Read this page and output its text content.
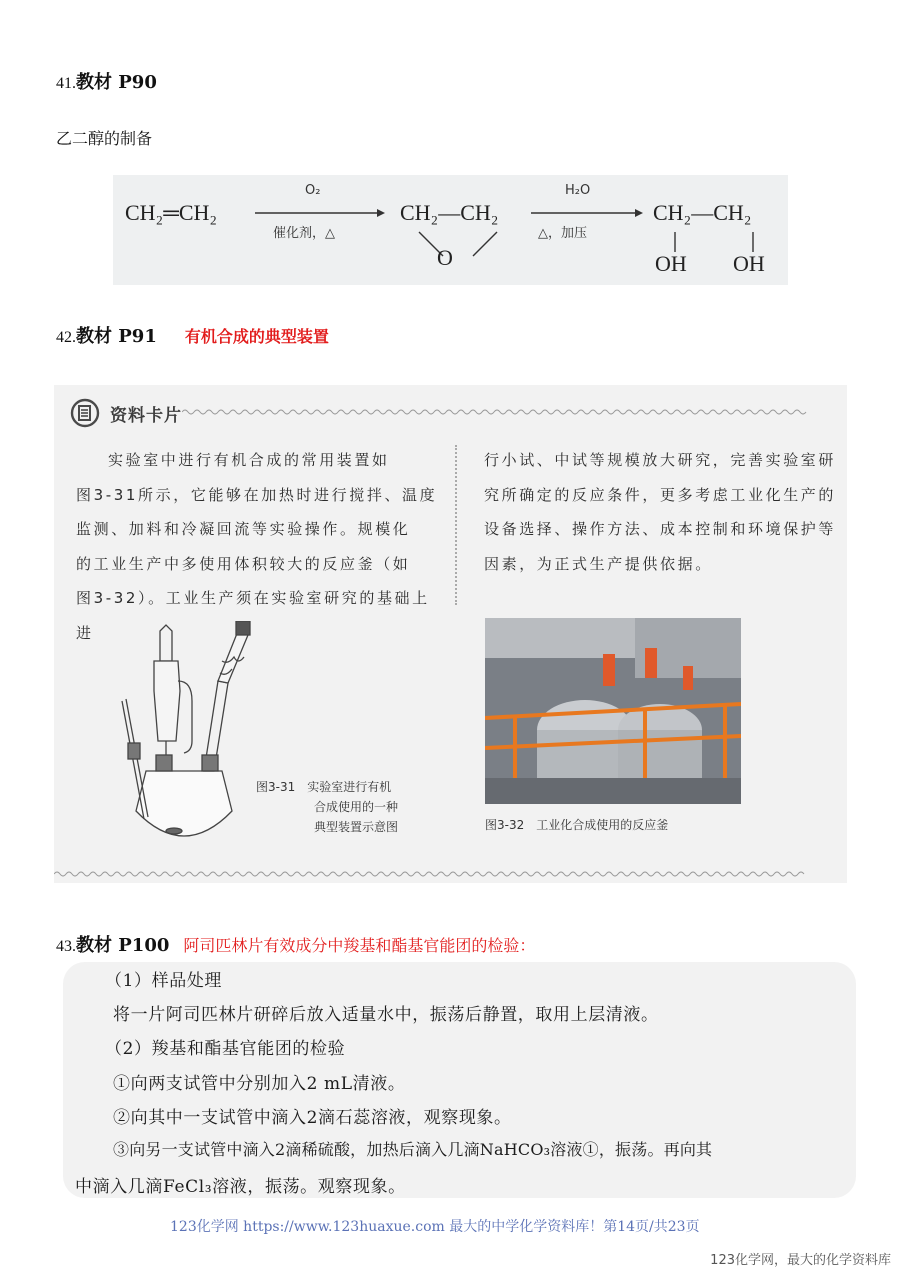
41.教材 P90
乙二醇的制备
CH₂═CH₂
O₂
催化剂，△
CH₂—CH₂
O
H₂O
△，加压
CH₂—CH₂
OH OH
42.教材 P91 有机合成的典型装置
资料卡片
实验室中进行有机合成的常用装置如
图3-31所示，它能够在加热时进行搅拌、温度
监测、加料和冷凝回流等实验操作。规模化
的工业生产中多使用体积较大的反应釜（如
图3-32）。工业生产须在实验室研究的基础上进
行小试、中试等规模放大研究，完善实验室研
究所确定的反应条件，更多考虑工业化生产的
设备选择、操作方法、成本控制和环境保护等
因素，为正式生产提供依据。
图3-31　实验室进行有机
合成使用的一种
典型装置示意图	图3-32　工业化合成使用的反应釜
43.教材 P100 阿司匹林片有效成分中羧基和酯基官能团的检验：
（1）样品处理
将一片阿司匹林片研碎后放入适量水中，振荡后静置，取用上层清液。
（2）羧基和酯基官能团的检验
①向两支试管中分别加入2 mL清液。
②向其中一支试管中滴入2滴石蕊溶液，观察现象。
③向另一支试管中滴入2滴稀硫酸，加热后滴入几滴NaHCO₃溶液①，振荡。再向其
中滴入几滴FeCl₃溶液，振荡。观察现象。
123化学网 https://www.123huaxue.com 最大的中学化学资料库！第14页/共23页
123化学网，最大的化学资料库
